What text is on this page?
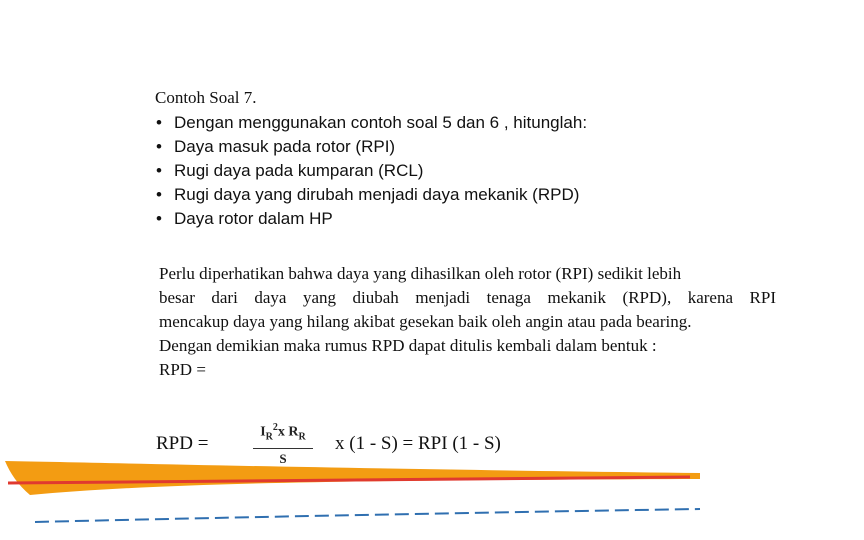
Contoh Soal 7.
• Dengan menggunakan contoh soal 5 dan 6 , hitunglah:
• Daya masuk pada rotor (RPI)
• Rugi daya pada kumparan (RCL)
• Rugi daya yang dirubah menjadi daya mekanik (RPD)
• Daya rotor dalam HP
Perlu diperhatikan bahwa daya yang dihasilkan oleh rotor (RPI) sedikit lebih
besar dari daya yang diubah menjadi tenaga mekanik (RPD), karena RPI
mencakup daya yang hilang akibat gesekan baik oleh angin atau pada bearing.
Dengan demikian maka rumus RPD dapat ditulis kembali dalam bentuk :
RPD =
RPD =
$I_R^2x$ $R_R$
S
x (1 - S) = RPI (1 - S)
